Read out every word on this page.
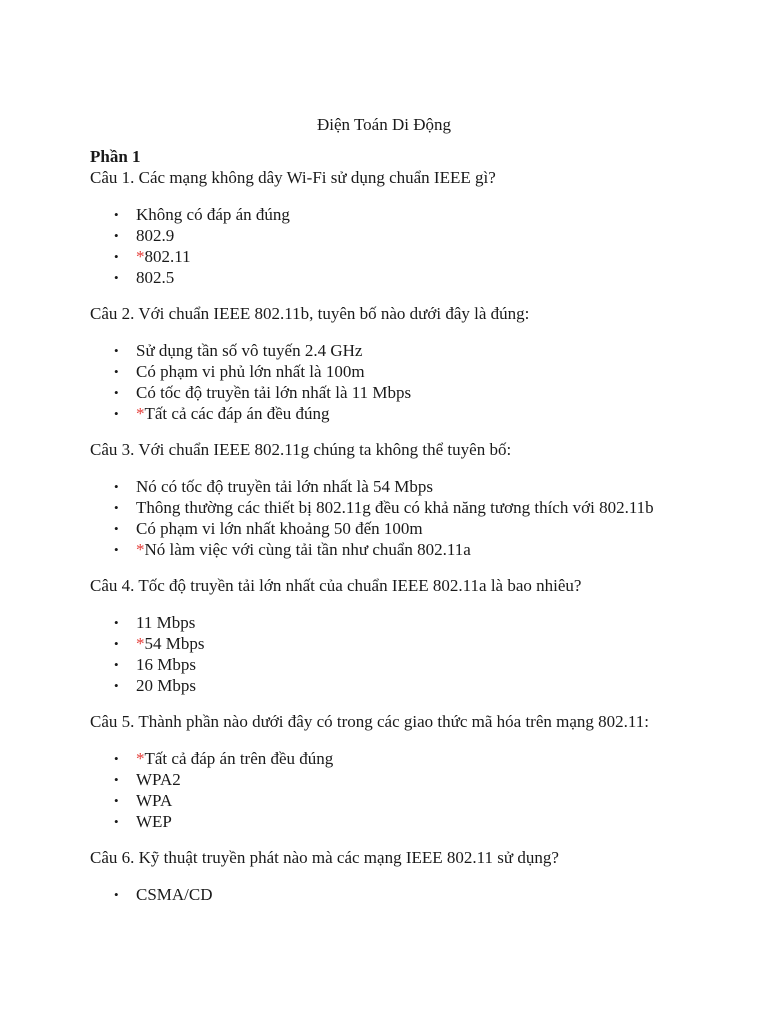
Điện Toán Di Động
Phần 1

Câu 1. Các mạng không dây Wi-Fi sử dụng chuẩn IEEE gì?

• Không có đáp án đúng
• 802.9
• *802.11
• 802.5

Câu 2. Với chuẩn IEEE 802.11b, tuyên bố nào dưới đây là đúng:

• Sử dụng tần số vô tuyến 2.4 GHz
• Có phạm vi phủ lớn nhất là 100m
• Có tốc độ truyền tải lớn nhất là 11 Mbps
• *Tất cả các đáp án đều đúng

Câu 3. Với chuẩn IEEE 802.11g chúng ta không thể tuyên bố:

• Nó có tốc độ truyền tải lớn nhất là 54 Mbps
• Thông thường các thiết bị 802.11g đều có khả năng tương thích với 802.11b
• Có phạm vi lớn nhất khoảng 50 đến 100m
• *Nó làm việc với cùng tải tần như chuẩn 802.11a

Câu 4. Tốc độ truyền tải lớn nhất của chuẩn IEEE 802.11a là bao nhiêu?

• 11 Mbps
• *54 Mbps
• 16 Mbps
• 20 Mbps

Câu 5. Thành phần nào dưới đây có trong các giao thức mã hóa trên mạng 802.11:

• *Tất cả đáp án trên đều đúng
• WPA2
• WPA
• WEP

Câu 6. Kỹ thuật truyền phát nào mà các mạng IEEE 802.11 sử dụng?

• CSMA/CD
